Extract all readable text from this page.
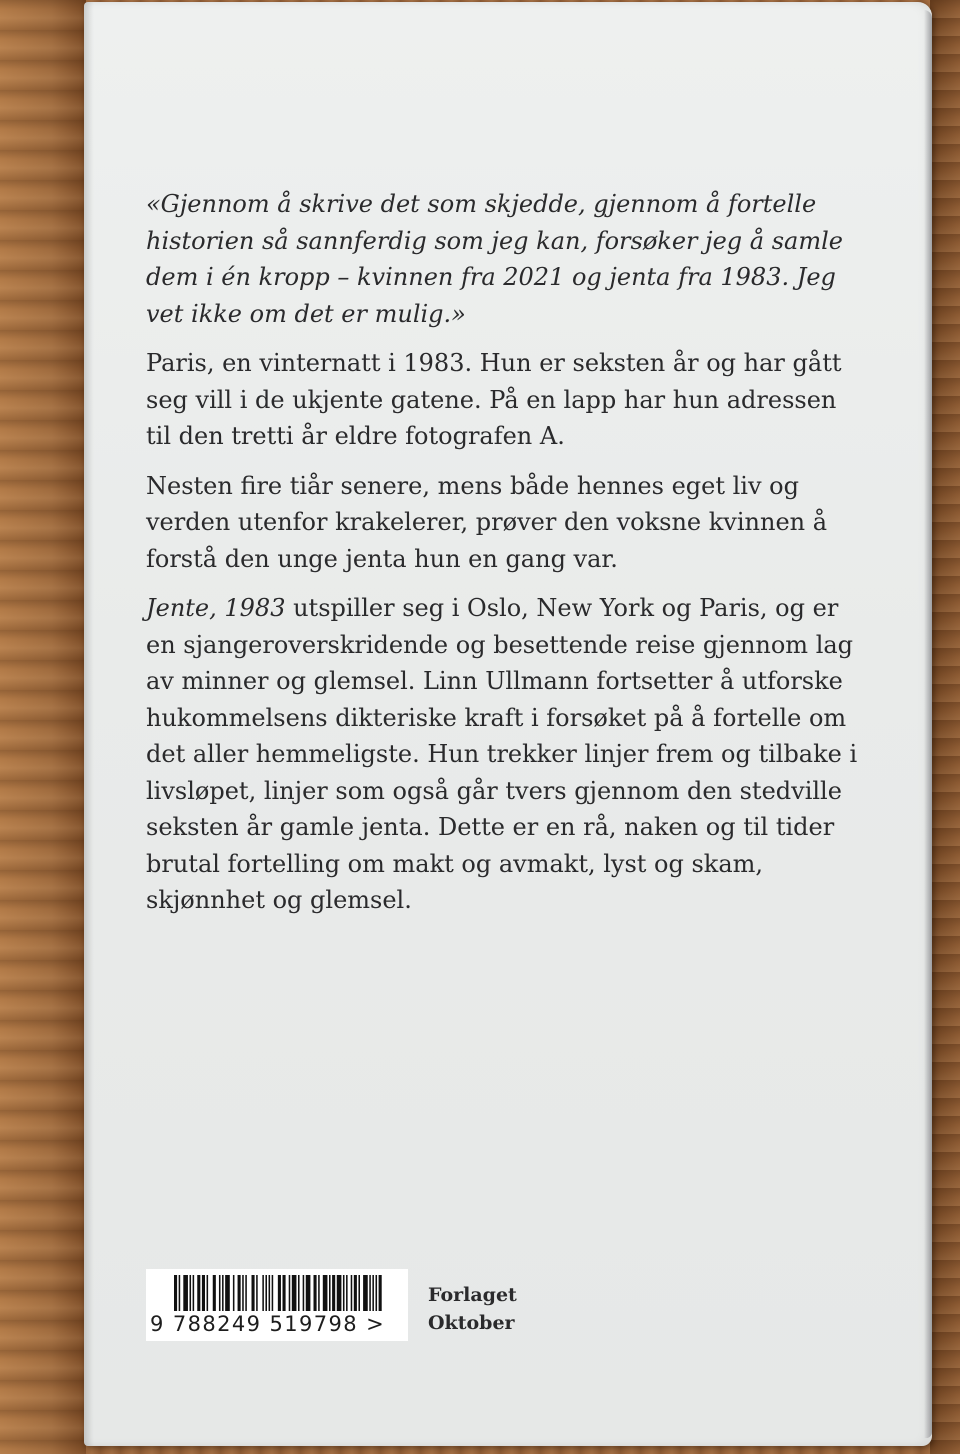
«Gjennom å skrive det som skjedde, gjennom å fortelle historien så sannferdig som jeg kan, forsøker jeg å samle dem i én kropp – kvinnen fra 2021 og jenta fra 1983. Jeg vet ikke om det er mulig.»

Paris, en vinternatt i 1983. Hun er seksten år og har gått seg vill i de ukjente gatene. På en lapp har hun adressen til den tretti år eldre fotografen A.

Nesten fire tiår senere, mens både hennes eget liv og verden utenfor krakelerer, prøver den voksne kvinnen å forstå den unge jenta hun en gang var.

Jente, 1983 utspiller seg i Oslo, New York og Paris, og er en sjangeroverskridende og besettende reise gjennom lag av minner og glemsel. Linn Ullmann fortsetter å utforske hukommelsens dikteriske kraft i forsøket på å fortelle om det aller hemmeligste. Hun trekker linjer frem og tilbake i livsløpet, linjer som også går tvers gjennom den stedville seksten år gamle jenta. Dette er en rå, naken og til tider brutal fortelling om makt og avmakt, lyst og skam, skjønnhet og glemsel.

9 788249 519798 >
Forlaget
Oktober
